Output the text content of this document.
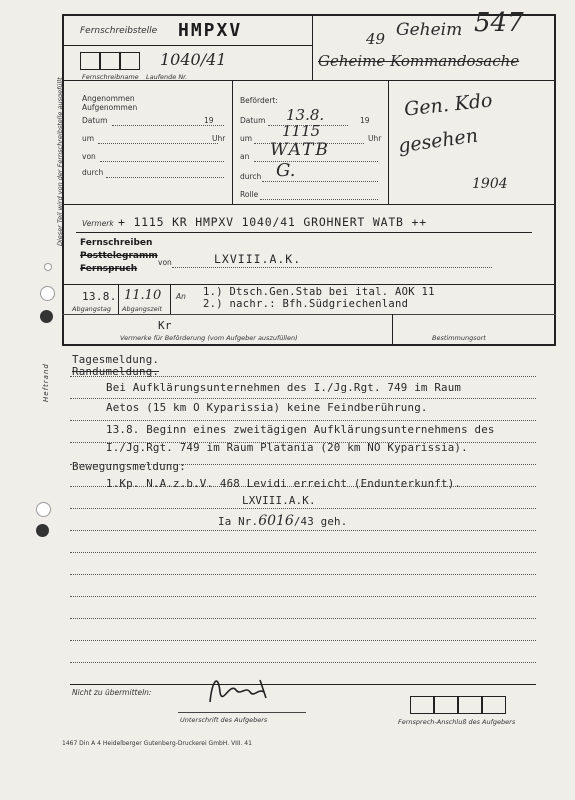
Fernschreibstelle HMPXV	49 Geheim 547
Geheime Kommandosache
Fernschreibname Laufende Nr.
1040/41
Angenommen
Aufgenommen
Datum	19
um	Uhr
von
durch
Befördert:
Datum 13.8.	19
um 1115	Uhr
an WATB
durch G.
Rolle
Gen. Kdo
gesehen
1904
Vermerk + 1115 KR HMPXV 1040/41 GROHNERT WATB ++
Dieser Teil wird von der Fernschreibstelle ausgefüllt Fernschreiben
Posttelegramm
Fernspruch
von	LXVIII.A.K.
13.8. 11.10
Abgangstag Abgangszeit
An 1.) Dtsch.Gen.Stab bei ital. AOK 11
2.) nachr.: Bfh.Südgriechenland
Kr
Vermerke für Beförderung (vom Aufgeber auszufüllen)	Bestimmungsort
Tagesmeldung.
Randumeldung.
Bei Aufklärungsunternehmen des I./Jg.Rgt. 749 im Raum
Aetos (15 km O Kyparissia) keine Feindberührung.
13.8. Beginn eines zweitägigen Aufklärungsunternehmens des
I./Jg.Rgt. 749 im Raum Platania (20 km NO Kyparissia).
Bewegungsmeldung:
1.Kp. N.A.z.b.V. 468 Levidi erreicht (Endunterkunft).
LXVIII.A.K.
Ia Nr.6016/43 geh.
Nicht zu übermitteln:
Unterschrift des Aufgebers	Fernsprech-Anschluß des Aufgebers
1467 Din A 4 Heidelberger Gutenberg-Druckerei GmbH. VIII. 41
Heftrand
